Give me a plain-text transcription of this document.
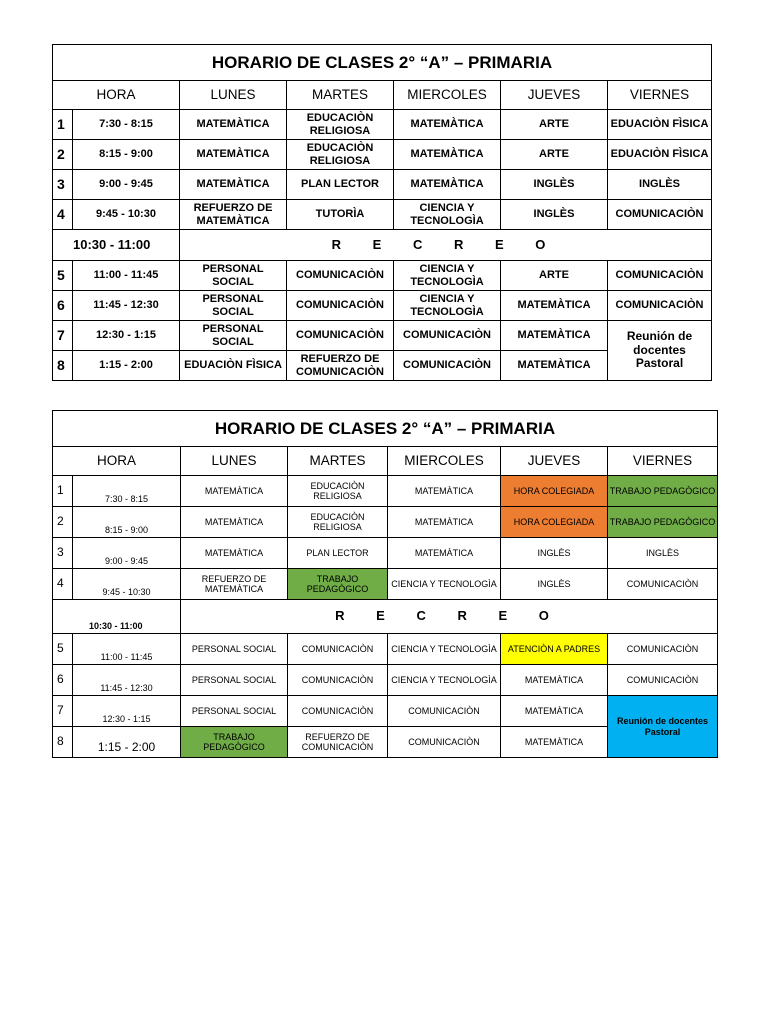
HORARIO DE CLASES 2° “A” – PRIMARIA						
HORA		LUNES	MARTES	MIERCOLES	JUEVES	VIERNES
1	7:30 - 8:15	MATEMÀTICA	EDUCACIÒN RELIGIOSA	MATEMÀTICA	ARTE	EDUACIÒN FÌSICA
2	8:15 - 9:00	MATEMÀTICA	EDUCACIÒN RELIGIOSA	MATEMÀTICA	ARTE	EDUACIÒN FÌSICA
3	9:00 - 9:45	MATEMÀTICA	PLAN LECTOR	MATEMÀTICA	INGLÈS	INGLÈS
4	9:45 - 10:30	REFUERZO DE MATEMÀTICA	TUTORÌA	CIENCIA Y TECNOLOGÌA	INGLÈS	COMUNICACIÒN
10:30 - 11:00		R E C R E O				
5	11:00 - 11:45	PERSONAL SOCIAL	COMUNICACIÒN	CIENCIA Y TECNOLOGÌA	ARTE	COMUNICACIÒN
6	11:45 - 12:30	PERSONAL SOCIAL	COMUNICACIÒN	CIENCIA Y TECNOLOGÌA	MATEMÀTICA	COMUNICACIÒN
7	12:30 - 1:15	PERSONAL SOCIAL	COMUNICACIÒN	COMUNICACIÒN	MATEMÀTICA	Reunión de docentes Pastoral
8	1:15 - 2:00	EDUACIÒN FÌSICA	REFUERZO DE COMUNICACIÒN	COMUNICACIÒN	MATEMÀTICA	
HORARIO DE CLASES 2° “A” – PRIMARIA						
HORA		LUNES	MARTES	MIERCOLES	JUEVES	VIERNES
1	7:30 - 8:15	MATEMÀTICA	EDUCACIÒN RELIGIOSA	MATEMÀTICA	HORA COLEGIADA	TRABAJO PEDAGÒGICO
2	8:15 - 9:00	MATEMÀTICA	EDUCACIÒN RELIGIOSA	MATEMÀTICA	HORA COLEGIADA	TRABAJO PEDAGÒGICO
3	9:00 - 9:45	MATEMÀTICA	PLAN LECTOR	MATEMÀTICA	INGLÈS	INGLÈS
4	9:45 - 10:30	REFUERZO DE MATEMÀTICA	TRABAJO PEDAGÒGICO	CIENCIA Y TECNOLOGÌA	INGLÈS	COMUNICACIÒN
10:30 - 11:00		R E C R E O				
5	11:00 - 11:45	PERSONAL SOCIAL	COMUNICACIÒN	CIENCIA Y TECNOLOGÌA	ATENCIÒN A PADRES	COMUNICACIÒN
6	11:45 - 12:30	PERSONAL SOCIAL	COMUNICACIÒN	CIENCIA Y TECNOLOGÌA	MATEMÀTICA	COMUNICACIÒN
7	12:30 - 1:15	PERSONAL SOCIAL	COMUNICACIÒN	COMUNICACIÒN	MATEMÀTICA	Reunión de docentes Pastoral
8	1:15 - 2:00	TRABAJO PEDAGÒGICO	REFUERZO DE COMUNICACIÒN	COMUNICACIÒN	MATEMÀTICA	
